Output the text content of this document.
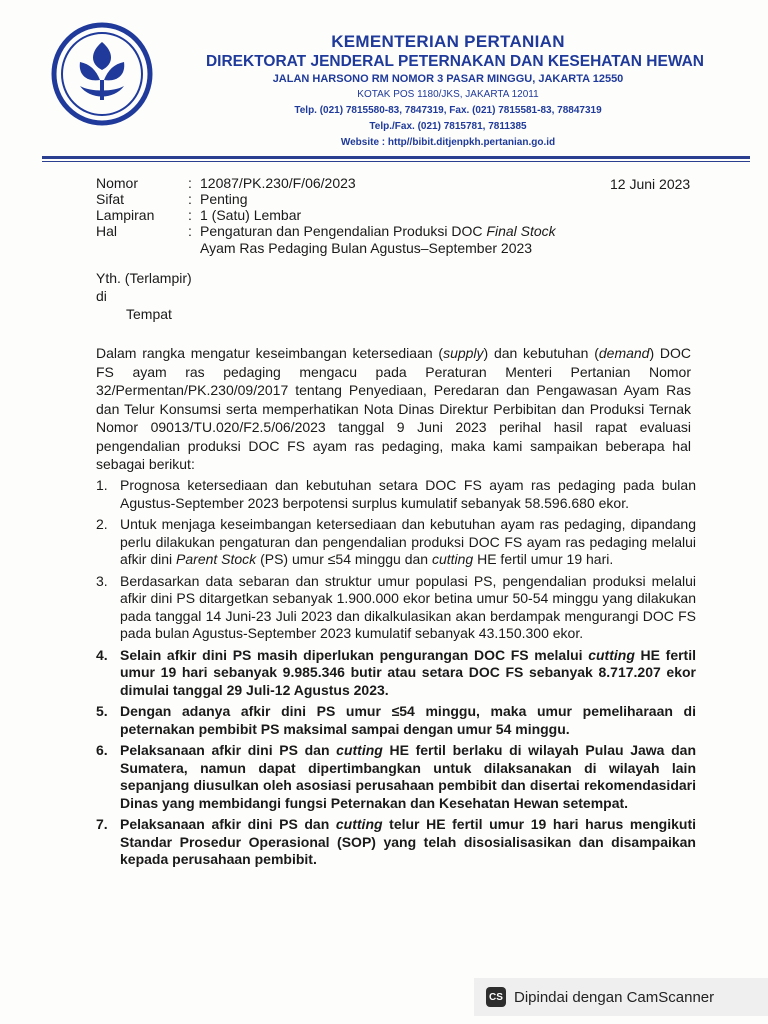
KEMENTERIAN PERTANIAN
DIREKTORAT JENDERAL PETERNAKAN DAN KESEHATAN HEWAN
JALAN HARSONO RM NOMOR 3 PASAR MINGGU, JAKARTA 12550
KOTAK POS 1180/JKS, JAKARTA 12011
Telp. (021) 7815580-83, 7847319, Fax. (021) 7815581-83, 78847319
Telp./Fax. (021) 7815781, 7811385
Website : http//bibit.ditjenpkh.pertanian.go.id
Nomor	: 12087/PK.230/F/06/2023	12 Juni 2023
Sifat	: Penting
Lampiran : 1 (Satu) Lembar
Hal	: Pengaturan dan Pengendalian Produksi DOC Final Stock
Ayam Ras Pedaging Bulan Agustus–September 2023
Yth. (Terlampir)
di
Tempat
Dalam rangka mengatur keseimbangan ketersediaan (supply) dan kebutuhan (demand) DOC FS ayam ras pedaging mengacu pada Peraturan Menteri Pertanian Nomor 32/Permentan/PK.230/09/2017 tentang Penyediaan, Peredaran dan Pengawasan Ayam Ras dan Telur Konsumsi serta memperhatikan Nota Dinas Direktur Perbibitan dan Produksi Ternak Nomor 09013/TU.020/F2.5/06/2023 tanggal 9 Juni 2023 perihal hasil rapat evaluasi pengendalian produksi DOC FS ayam ras pedaging, maka kami sampaikan beberapa hal sebagai berikut:
1. Prognosa ketersediaan dan kebutuhan setara DOC FS ayam ras pedaging pada bulan Agustus-September 2023 berpotensi surplus kumulatif sebanyak 58.596.680 ekor.
2. Untuk menjaga keseimbangan ketersediaan dan kebutuhan ayam ras pedaging, dipandang perlu dilakukan pengaturan dan pengendalian produksi DOC FS ayam ras pedaging melalui afkir dini Parent Stock (PS) umur ≤54 minggu dan cutting HE fertil umur 19 hari.
3. Berdasarkan data sebaran dan struktur umur populasi PS, pengendalian produksi melalui afkir dini PS ditargetkan sebanyak 1.900.000 ekor betina umur 50-54 minggu yang dilakukan pada tanggal 14 Juni-23 Juli 2023 dan dikalkulasikan akan berdampak mengurangi DOC FS pada bulan Agustus-September 2023 kumulatif sebanyak 43.150.300 ekor.
4. Selain afkir dini PS masih diperlukan pengurangan DOC FS melalui cutting HE fertil umur 19 hari sebanyak 9.985.346 butir atau setara DOC FS sebanyak 8.717.207 ekor dimulai tanggal 29 Juli-12 Agustus 2023.
5. Dengan adanya afkir dini PS umur ≤54 minggu, maka umur pemeliharaan di peternakan pembibit PS maksimal sampai dengan umur 54 minggu.
6. Pelaksanaan afkir dini PS dan cutting HE fertil berlaku di wilayah Pulau Jawa dan Sumatera, namun dapat dipertimbangkan untuk dilaksanakan di wilayah lain sepanjang diusulkan oleh asosiasi perusahaan pembibit dan disertai rekomendasidari Dinas yang membidangi fungsi Peternakan dan Kesehatan Hewan setempat.
7. Pelaksanaan afkir dini PS dan cutting telur HE fertil umur 19 hari harus mengikuti Standar Prosedur Operasional (SOP) yang telah disosialisasikan dan disampaikan kepada perusahaan pembibit.
CS Dipindai dengan CamScanner
